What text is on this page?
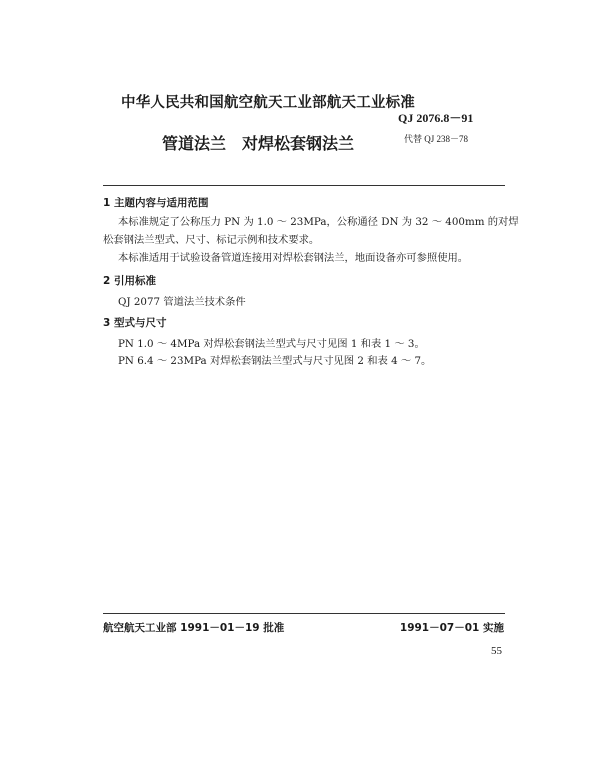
中华人民共和国航空航天工业部航天工业标准
QJ 2076.8－91
管道法兰　对焊松套钢法兰	代替 QJ 238－78
1 主题内容与适用范围
本标准规定了公称压力 PN 为 1.0 ～ 23MPa，公称通径 DN 为 32 ～ 400mm 的对焊
松套钢法兰型式、尺寸、标记示例和技术要求。
本标准适用于试验设备管道连接用对焊松套钢法兰，地面设备亦可参照使用。
2 引用标准
QJ 2077 管道法兰技术条件
3 型式与尺寸
PN 1.0 ～ 4MPa 对焊松套钢法兰型式与尺寸见图 1 和表 1 ～ 3。
PN 6.4 ～ 23MPa 对焊松套钢法兰型式与尺寸见图 2 和表 4 ～ 7。
航空航天工业部 1991－01－19 批准	1991－07－01 实施
55
